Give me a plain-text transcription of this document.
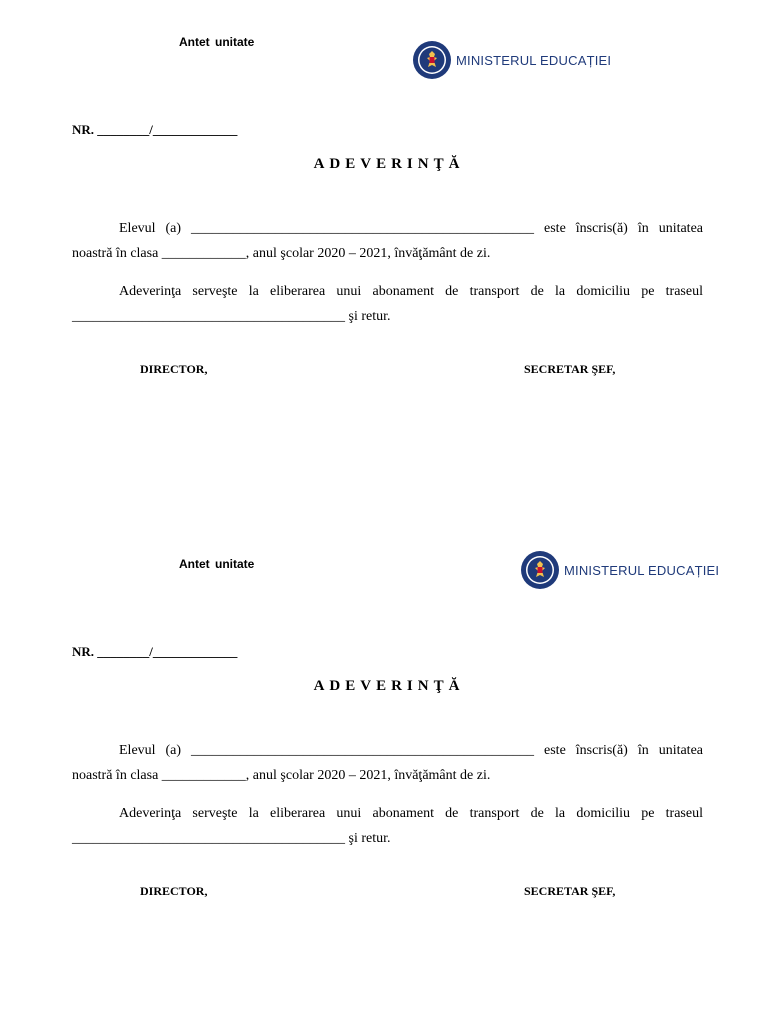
Antet unitate
MINISTERUL EDUCAȚIEI
NR. ________/_____________
ADEVERINŢĂ
Elevul (a) _________________________________________________ este înscris(ă) în unitatea noastră în clasa ____________, anul şcolar 2020 – 2021, învăţământ de zi.
Adeverinţa serveşte la eliberarea unui abonament de transport de la domiciliu pe traseul _______________________________________ şi retur.
DIRECTOR,	SECRETAR ŞEF,
Antet unitate	MINISTERUL EDUCAȚIEI
NR. ________/_____________
ADEVERINŢĂ
Elevul (a) _________________________________________________ este înscris(ă) în unitatea noastră în clasa ____________, anul şcolar 2020 – 2021, învăţământ de zi.
Adeverinţa serveşte la eliberarea unui abonament de transport de la domiciliu pe traseul _______________________________________ şi retur.
DIRECTOR,	SECRETAR ŞEF,
